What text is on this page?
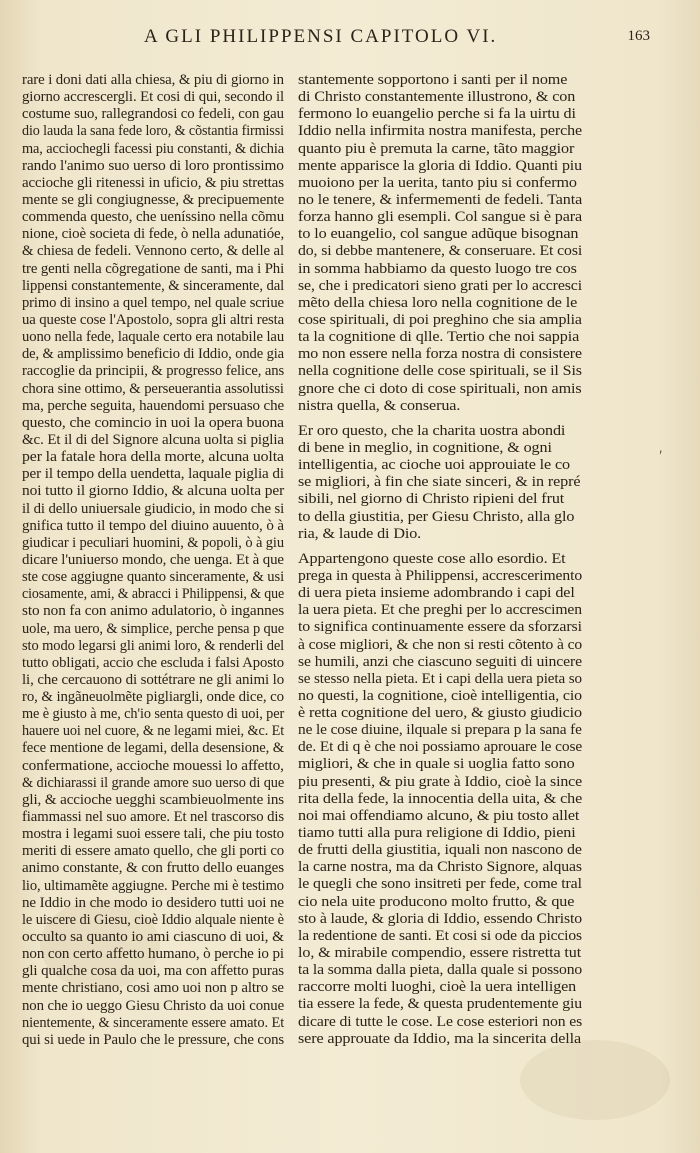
A GLI PHILIPPENSI CAPITOLO VI.	163
rare i doni dati alla chiesa, & piu di giorno in
giorno accrescergli. Et cosi di qui, secondo il
costume suo, rallegrandosi co fedeli, con gau
dio lauda la sana fede loro, & cõstantia firmissi
ma, acciochegli facessi piu constanti, & dichia
rando l'animo suo uerso di loro prontissimo
accioche gli ritenessi in uficio, & piu strettas
mente se gli congiugnesse, & precipuemente
commenda questo, che ueníssino nella cõmu
nione, cioè societa di fede, ò nella adunatióe,
& chiesa de fedeli. Vennono certo, & delle al
tre genti nella cõgregatione de santi, ma i Phi
lippensi constantemente, & sinceramente, dal
primo di insino a quel tempo, nel quale scriue
ua queste cose l'Apostolo, sopra gli altri resta
uono nella fede, laquale certo era notabile lau
de, & amplissimo beneficio di Iddio, onde gia
raccoglie da principii, & progresso felice, ans
chora sine ottimo, & perseuerantia assolutissi
ma, perche seguita, hauendomi persuaso che
questo, che comincio in uoi la opera buona
&c. Et il di del Signore alcuna uolta si piglia
per la fatale hora della morte, alcuna uolta
per il tempo della uendetta, laquale piglia di
noi tutto il giorno Iddio, & alcuna uolta per
il di dello uniuersale giudicio, in modo che si
gnifica tutto il tempo del diuino auuento, ò à
giudicar i peculiari huomini, & popoli, ò à giu
dicare l'uniuerso mondo, che uenga. Et à que
ste cose aggiugne quanto sinceramente, & usi
ciosamente, ami, & abracci i Philippensi, & que
sto non fa con animo adulatorio, ò ingannes
uole, ma uero, & simplice, perche pensa p que
sto modo legarsi gli animi loro, & renderli del
tutto obligati, accio che escluda i falsi Aposto
li, che cercauono di sottétrare ne gli animi lo
ro, & ingãneuolmẽte pigliargli, onde dice, co
me è giusto à me, ch'io senta questo di uoi, per
hauere uoi nel cuore, & ne legami miei, &c. Et
fece mentione de legami, della desensione, &
confermatione, accioche mouessi lo affetto,
& dichiarassi il grande amore suo uerso di que
gli, & accioche uegghi scambieuolmente ins
fiammassi nel suo amore. Et nel trascorso dis
mostra i legami suoi essere tali, che piu tosto
meriti di essere amato quello, che gli porti co
animo constante, & con frutto dello euanges
lio, ultimamẽte aggiugne. Perche mi è testimo
ne Iddio in che modo io desidero tutti uoi ne
le uiscere di Giesu, cioè Iddio alquale niente è
occulto sa quanto io ami ciascuno di uoi, &
non con certo affetto humano, ò perche io pi
gli qualche cosa da uoi, ma con affetto puras
mente christiano, cosi amo uoi non p altro se
non che io ueggo Giesu Christo da uoi conue
nientemente, & sinceramente essere amato. Et
qui si uede in Paulo che le pressure, che cons
stantemente sopportono i santi per il nome
di Christo constantemente illustrono, & con
fermono lo euangelio perche si fa la uirtu di
Iddio nella infirmita nostra manifesta, perche
quanto piu è premuta la carne, tãto maggior
mente apparisce la gloria di Iddio. Quanti piu
muoiono per la uerita, tanto piu si confermo
no le tenere, & infermementi de fedeli. Tanta
forza hanno gli esempli. Col sangue si è para
to lo euangelio, col sangue adũque bisognan
do, si debbe mantenere, & conseruare. Et cosi
in somma habbiamo da questo luogo tre cos
se, che i predicatori sieno grati per lo accresci
mẽto della chiesa loro nella cognitione de le
cose spirituali, di poi preghino che sia amplia
ta la cognitione di qlle. Tertio che noi sappia
mo non essere nella forza nostra di consistere
nella cognitione delle cose spirituali, se il Sis
gnore che ci doto di cose spirituali, non amis
nistra quella, & conserua.
Er oro questo, che la charita uostra abondi
di bene in meglio, in cognitione, & ogni
intelligentia, ac cioche uoi approuiate le co
se migliori, à fin che siate sinceri, & in repré
sibili, nel giorno di Christo ripieni del frut
to della giustitia, per Giesu Christo, alla glo
ria, & laude di Dio.
Appartengono queste cose allo esordio. Et
prega in questa à Philippensi, accrescerimento
di uera pieta insieme adombrando i capi del
la uera pieta. Et che preghi per lo accrescimen
to significa continuamente essere da sforzarsi
à cose migliori, & che non si resti cõtento à co
se humili, anzi che ciascuno seguiti di uincere
se stesso nella pieta. Et i capi della uera pieta so
no questi, la cognitione, cioè intelligentia, cio
è retta cognitione del uero, & giusto giudicio
ne le cose diuine, ilquale si prepara p la sana fe
de. Et di q è che noi possiamo aprouare le cose
migliori, & che in quale si uoglia fatto sono
piu presenti, & piu grate à Iddio, cioè la since
rita della fede, la innocentia della uita, & che
noi mai offendiamo alcuno, & piu tosto allet
tiamo tutti alla pura religione di Iddio, pieni
de frutti della giustitia, iquali non nascono de
la carne nostra, ma da Christo Signore, alquas
le quegli che sono insitreti per fede, come tral
cio nela uite producono molto frutto, & que
sto à laude, & gloria di Iddio, essendo Christo
la redentione de santi. Et cosi si ode da piccios
lo, & mirabile compendio, essere ristretta tut
ta la somma dalla pieta, dalla quale si possono
raccorre molti luoghi, cioè la uera intelligen
tia essere la fede, & questa prudentemente giu
dicare di tutte le cose. Le cose esteriori non es
sere approuate da Iddio, ma la sincerita della
'
